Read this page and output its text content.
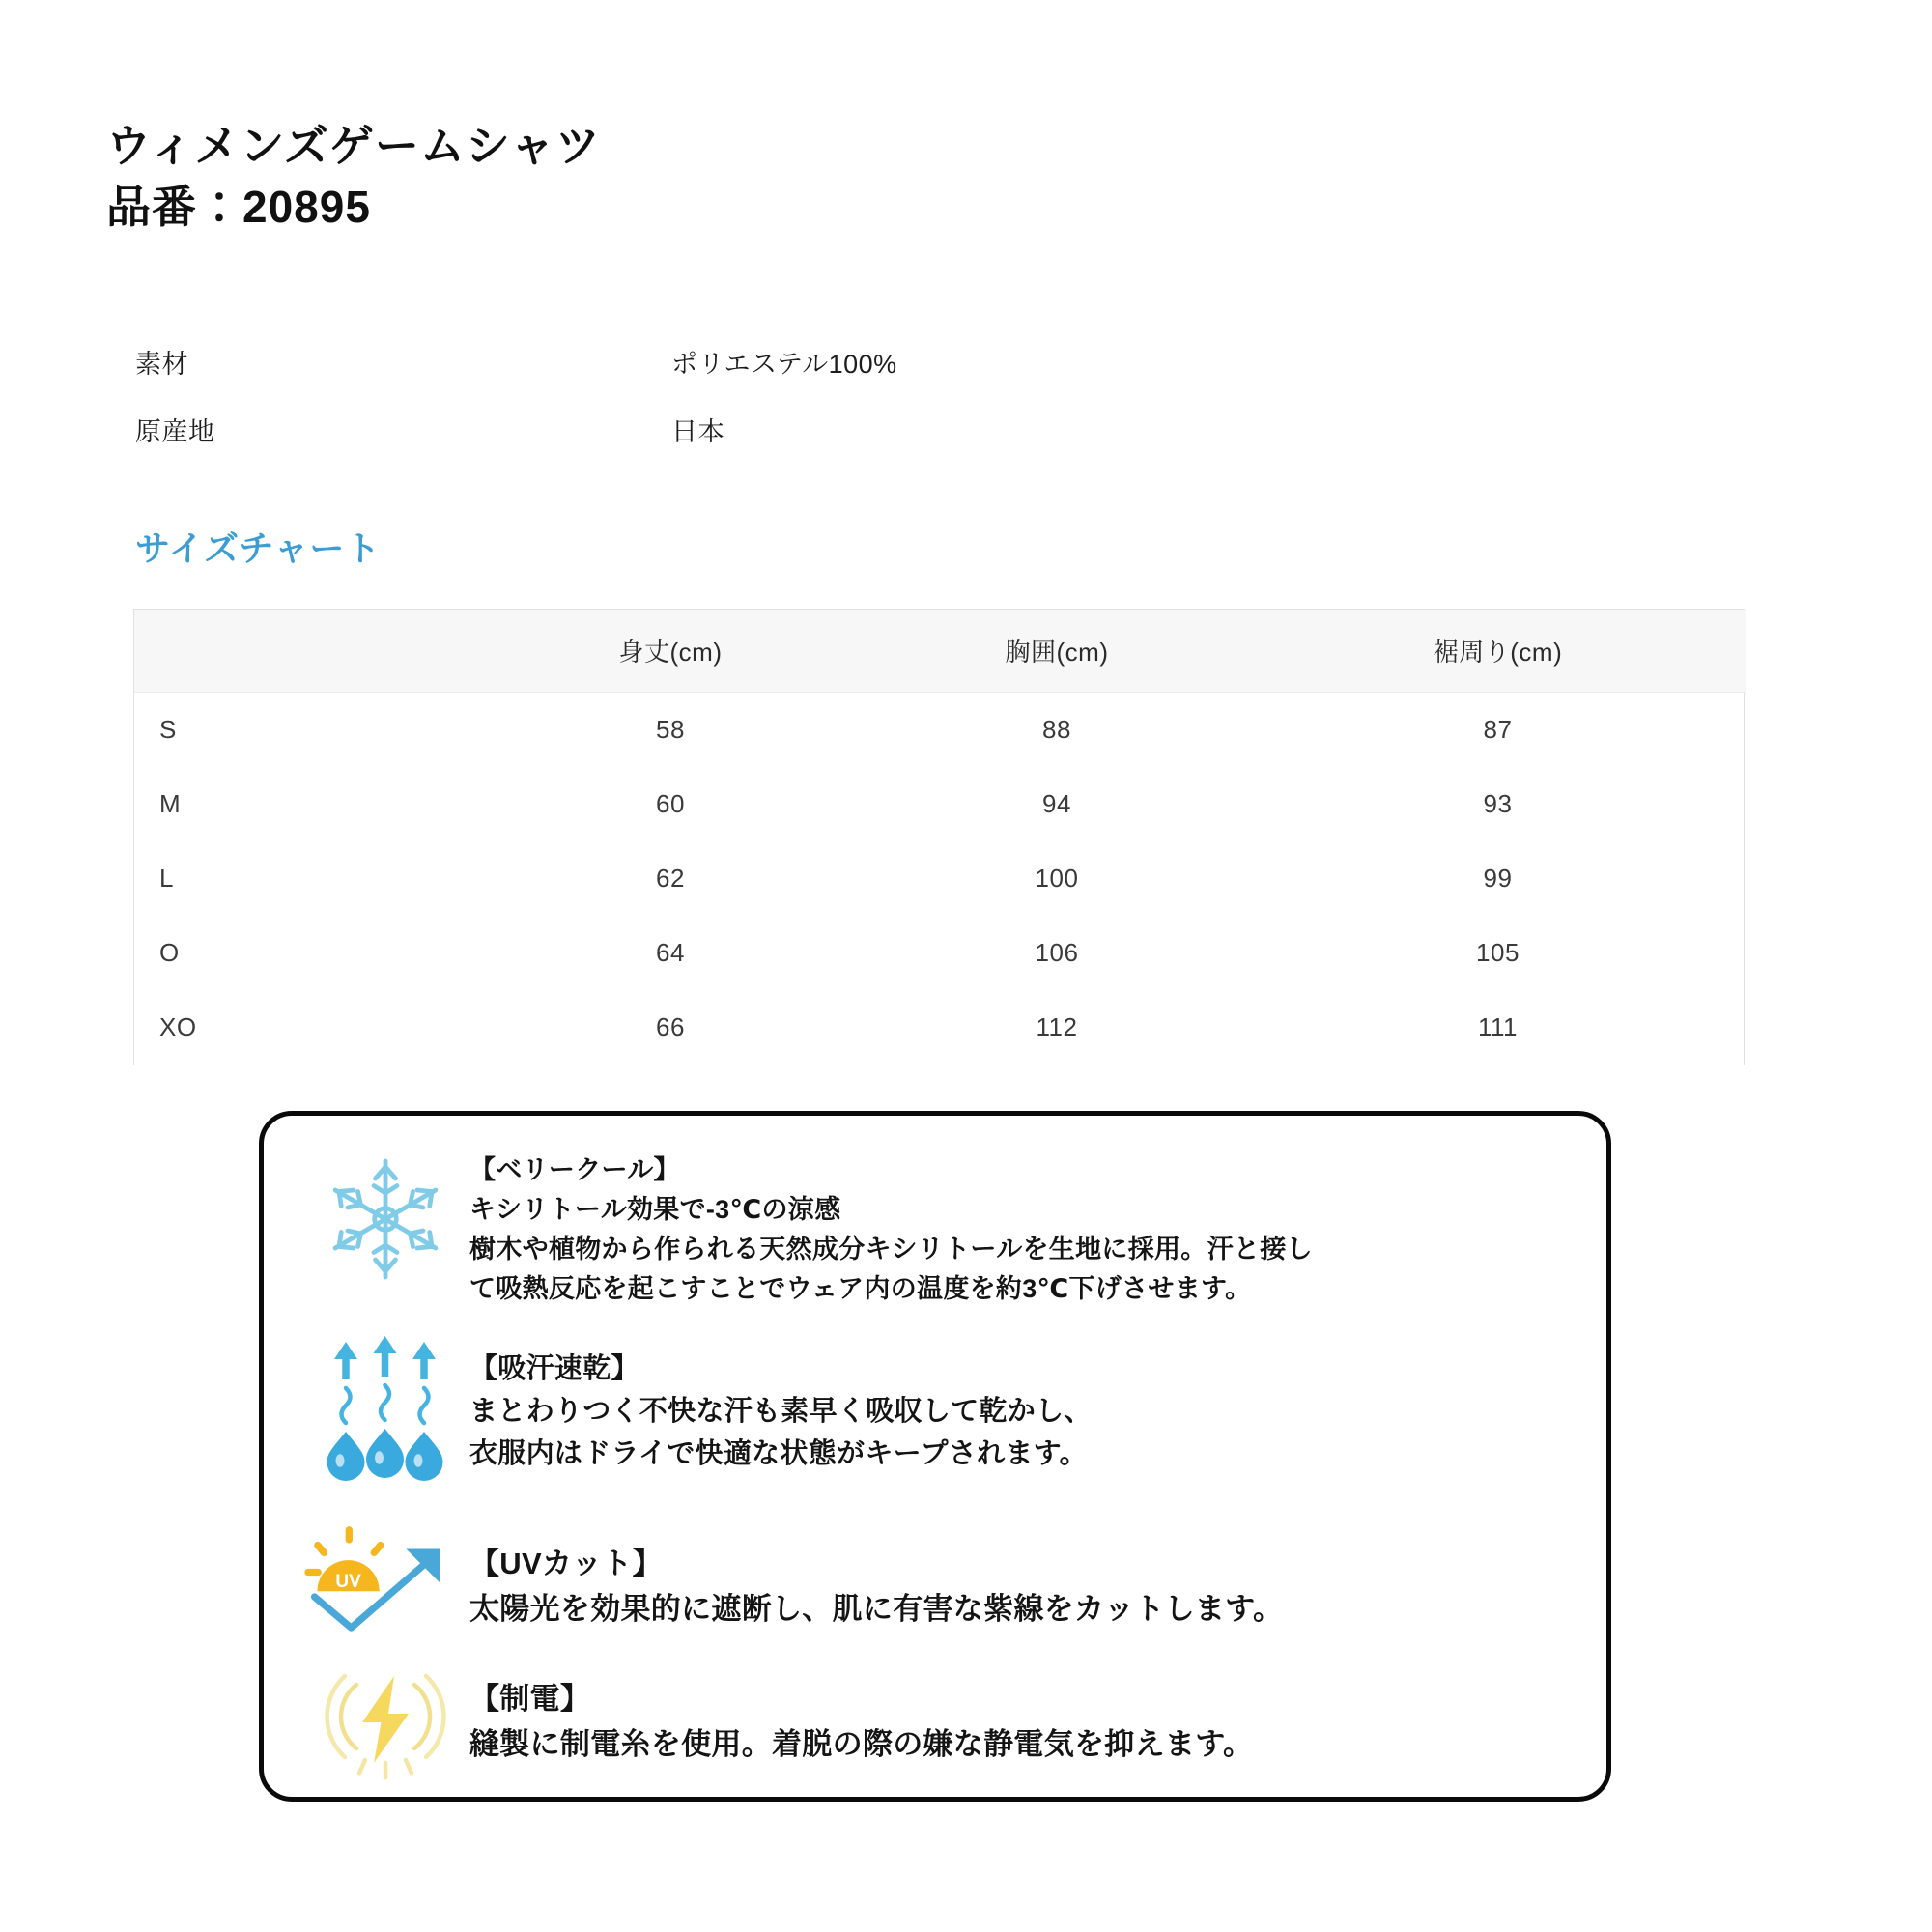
ウィメンズゲームシャツ
品番：20895
素材	ポリエステル100%
原産地	日本
サイズチャート
	身丈(cm)	胸囲(cm)	裾周り(cm)
S	58	88	87
M	60	94	93
L	62	100	99
O	64	106	105
XO	66	112	111
【ベリークール】
キシリトール効果で-3℃の涼感
樹木や植物から作られる天然成分キシリトールを生地に採用。汗と接し
て吸熱反応を起こすことでウェア内の温度を約3℃下げさせます。
【吸汗速乾】
まとわりつく不快な汗も素早く吸収して乾かし、
衣服内はドライで快適な状態がキープされます。
UV
【UVカット】
太陽光を効果的に遮断し、肌に有害な紫線をカットします。
【制電】
縫製に制電糸を使用。着脱の際の嫌な静電気を抑えます。
